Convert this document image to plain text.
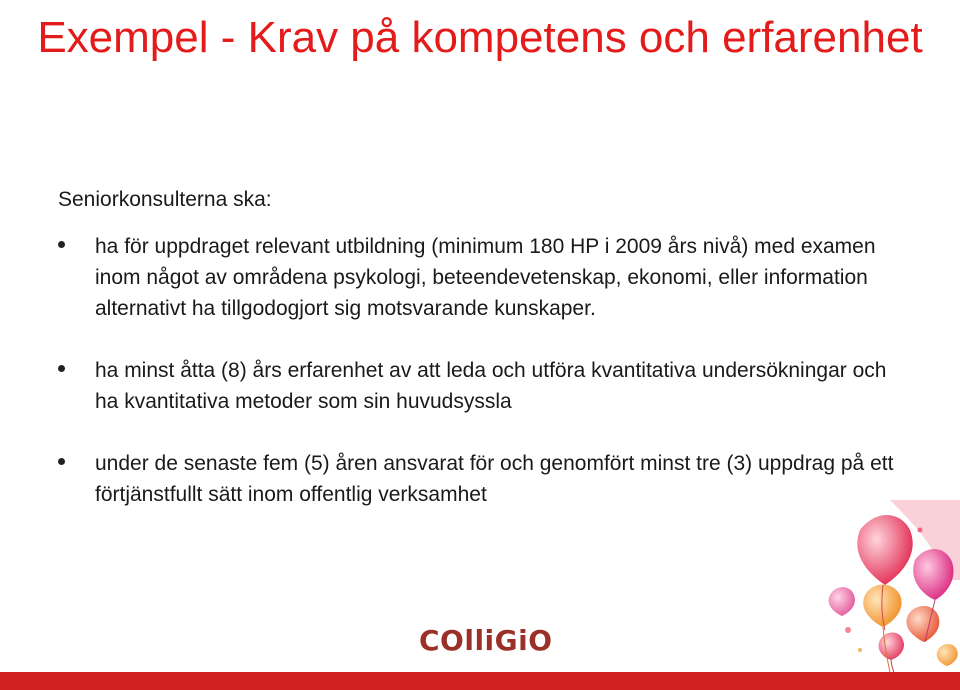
Exempel - Krav på kompetens och erfarenhet

Seniorkonsulterna ska:

ha för uppdraget relevant utbildning (minimum 180 HP i 2009 års nivå) med examen inom något av områdena psykologi, beteendevetenskap, ekonomi, eller information alternativt ha tillgodogjort sig motsvarande kunskaper.
ha minst åtta (8) års erfarenhet av att leda och utföra kvantitativa undersökningar och ha kvantitativa metoder som sin huvudsyssla
under de senaste fem (5) åren ansvarat för och genomfört minst tre (3) uppdrag på ett förtjänstfullt sätt inom offentlig verksamhet
COlliGiO
